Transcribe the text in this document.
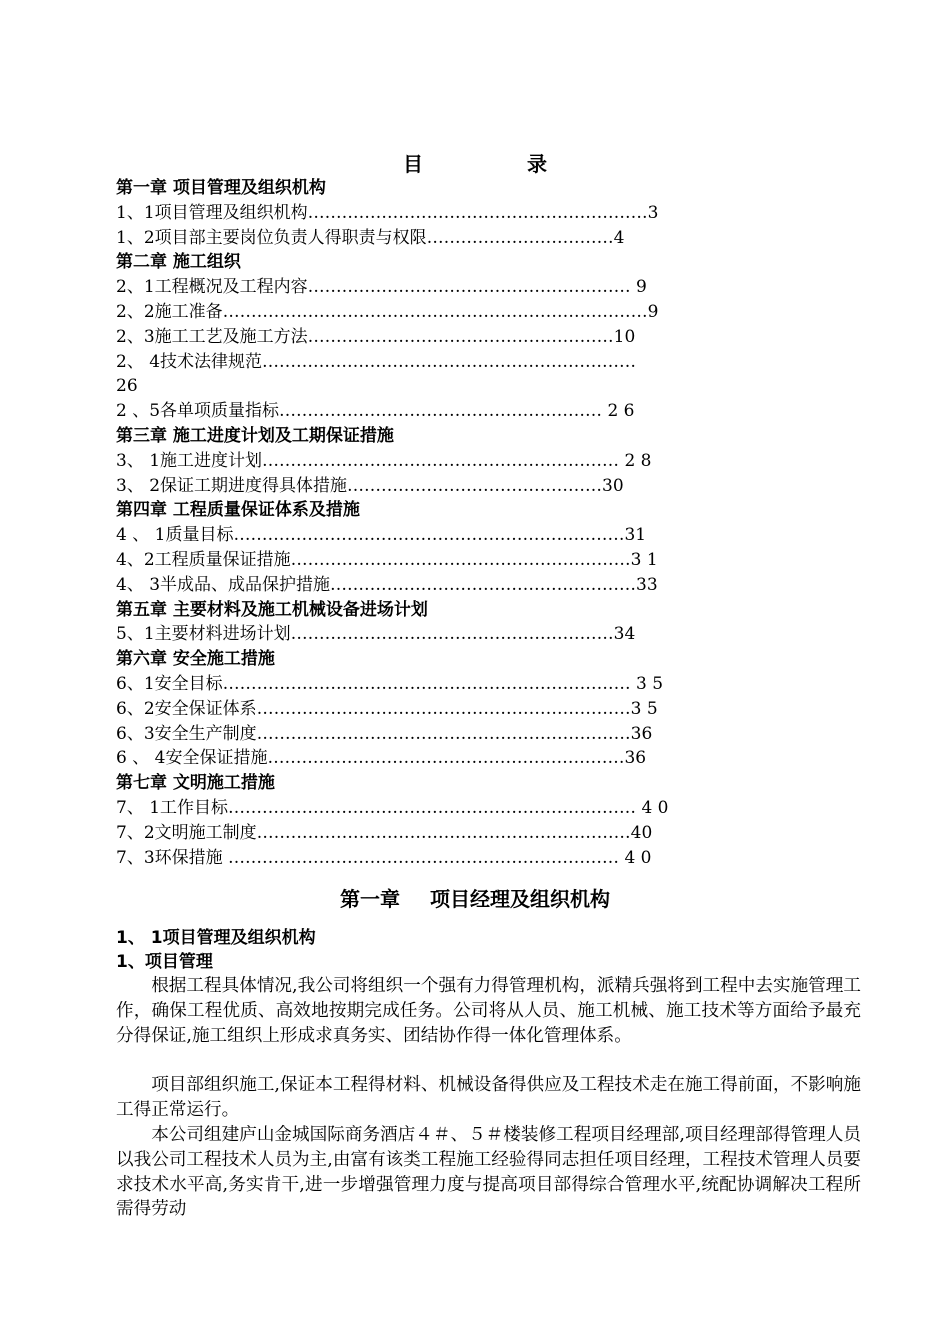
目	录
第一章 项目管理及组织机构
1、1项目管理及组织机构……………………………………………………3
1、2项目部主要岗位负责人得职责与权限……………………………4
第二章 施工组织
2、1工程概况及工程内容………………………………………………… 9
2、2施工准备…………………………………………………………………9
2、3施工工艺及施工方法………………………………………………10
2、 4技术法律规范…………………………………………………………
26
2 、5各单项质量指标………………………………………………… 2 6
第三章 施工进度计划及工期保证措施
3、 1施工进度计划……………………………………………………… 2 8
3、 2保证工期进度得具体措施………………………………………30
第四章 工程质量保证体系及措施
4 、 1质量目标……………………………………………………………31
4、2工程质量保证措施……………………………………………………3 1
4、 3半成品、成品保护措施………………………………………………33
第五章 主要材料及施工机械设备进场计划
5、1主要材料进场计划…………………………………………………34
第六章 安全施工措施
6、1安全目标……………………………………………………………… 3 5
6、2安全保证体系…………………………………………………………3 5
6、3安全生产制度…………………………………………………………36
6 、 4安全保证措施………………………………………………………36
第七章 文明施工措施
7、 1工作目标……………………………………………………………… 4 0
7、2文明施工制度…………………………………………………………40
7、3环保措施 …………………………………………………………… 4 0
第一章 项目经理及组织机构
1、 1项目管理及组织机构
1、项目管理

根据工程具体情况,我公司将组织一个强有力得管理机构，派精兵强将到工程中去实施管理工作，确保工程优质、高效地按期完成任务。公司将从人员、施工机械、施工技术等方面给予最充分得保证,施工组织上形成求真务实、团结协作得一体化管理体系。

项目部组织施工,保证本工程得材料、机械设备得供应及工程技术走在施工得前面，不影响施工得正常运行。

本公司组建庐山金城国际商务酒店４＃、５＃楼装修工程项目经理部,项目经理部得管理人员以我公司工程技术人员为主,由富有该类工程施工经验得同志担任项目经理，工程技术管理人员要求技术水平高,务实肯干,进一步增强管理力度与提高项目部得综合管理水平,统配协调解决工程所需得劳动
